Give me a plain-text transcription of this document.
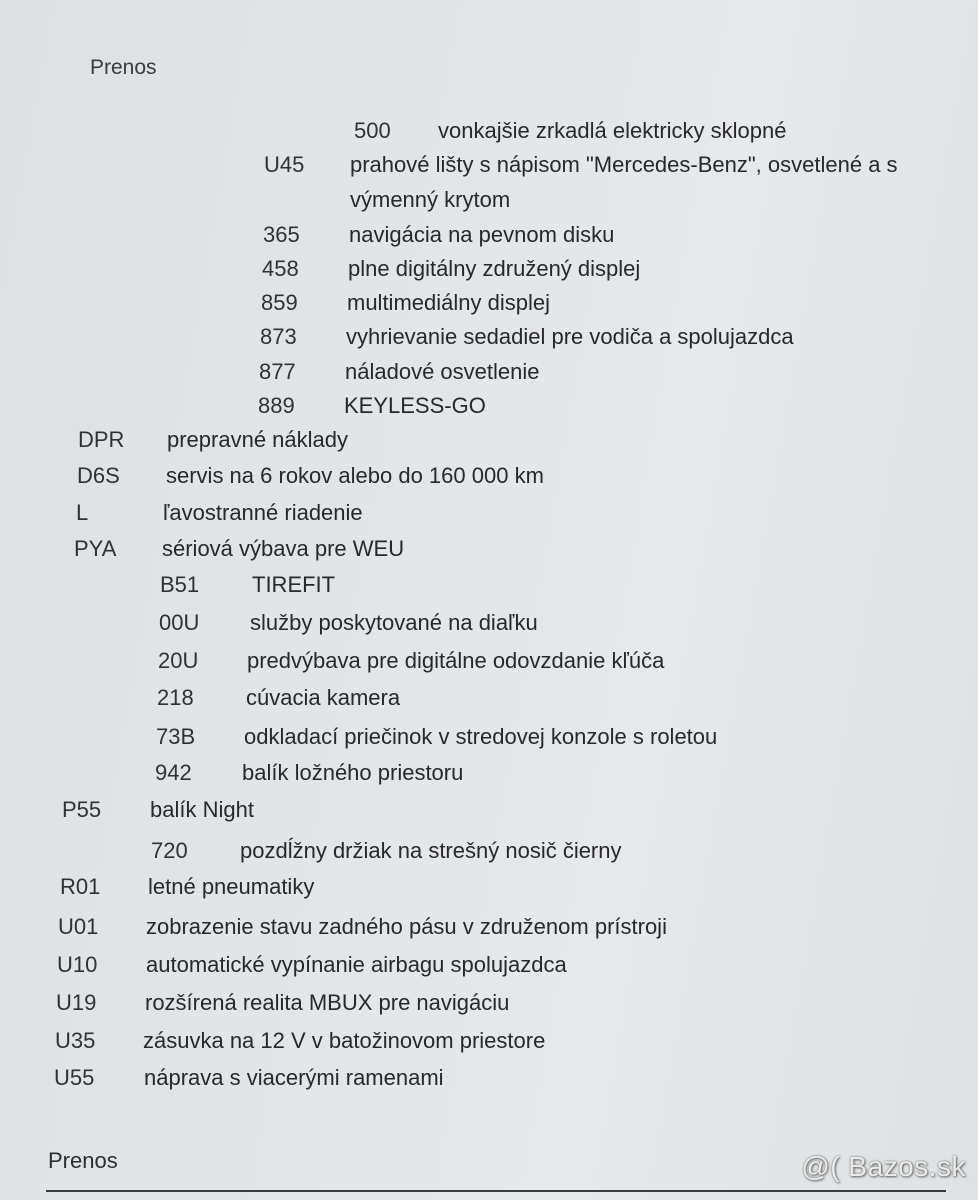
Prenos
500	vonkajšie zrkadlá elektricky sklopné
U45	prahové lišty s nápisom "Mercedes-Benz", osvetlené a s
výmenný krytom
365	navigácia na pevnom disku
458	plne digitálny združený displej
859	multimediálny displej
873	vyhrievanie sedadiel pre vodiča a spolujazdca
877	náladové osvetlenie
889	KEYLESS-GO
DPR	prepravné náklady
D6S	servis na 6 rokov alebo do 160 000 km
L	ľavostranné riadenie
PYA	sériová výbava pre WEU
B51	TIREFIT
00U	služby poskytované na diaľku
20U	predvýbava pre digitálne odovzdanie kľúča
218	cúvacia kamera
73B	odkladací priečinok v stredovej konzole s roletou
942	balík ložného priestoru
P55	balík Night
720	pozdĺžny držiak na strešný nosič čierny
R01	letné pneumatiky
U01	zobrazenie stavu zadného pásu v združenom prístroji
U10	automatické vypínanie airbagu spolujazdca
U19	rozšírená realita MBUX pre navigáciu
U35	zásuvka na 12 V v batožinovom priestore
U55	náprava s viacerými ramenami
Prenos	@( Bazos.sk
